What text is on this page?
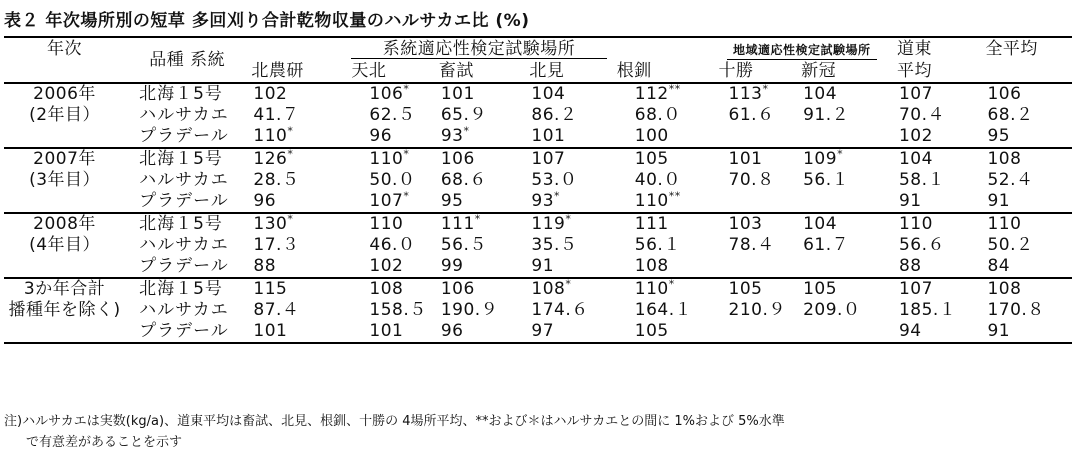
表２ 年次場所別の短草 多回刈り合計乾物収量のハルサカエ比 (%)
年次	品種 系統	系統適応性検定試験場所					地域適応性検定試験場所		道東	全平均
		北農研	天北	畜試	北見	根釧	十勝	新冠	平均	
2006年	北海１5号	102	106*	101	104	112**	113*	104	107	106
(2年目）	ハルサカエ	41.７	62.５	65.９	86.２	68.０	61.６	91.２	70.４	68.２
	プラデール	110*	96	93*	101	100			102	95
2007年	北海１5号	126*	110*	106	107	105	101	109*	104	108
(3年目）	ハルサカエ	28.５	50.０	68.６	53.０	40.０	70.８	56.１	58.１	52.４
	プラデール	96	107*	95	93*	110**			91	91
2008年	北海１5号	130*	110	111*	119*	111	103	104	110	110
(4年目）	ハルサカエ	17.３	46.０	56.５	35.５	56.１	78.４	61.７	56.６	50.２
	プラデール	88	102	99	91	108			88	84
3か年合計	北海１5号	115	108	106	108*	110*	105	105	107	108
播種年を除く)	ハルサカエ	87.４	158.５	190.９	174.６	164.１	210.９	209.０	185.１	170.８
	プラデール	101	101	96	97	105			94	91
注)ハルサカエは実数(kg/a)、道東平均は畜試、北見、根釧、十勝の 4場所平均、**および＊はハルサカエとの間に 1%および 5%水準
で有意差があることを示す
